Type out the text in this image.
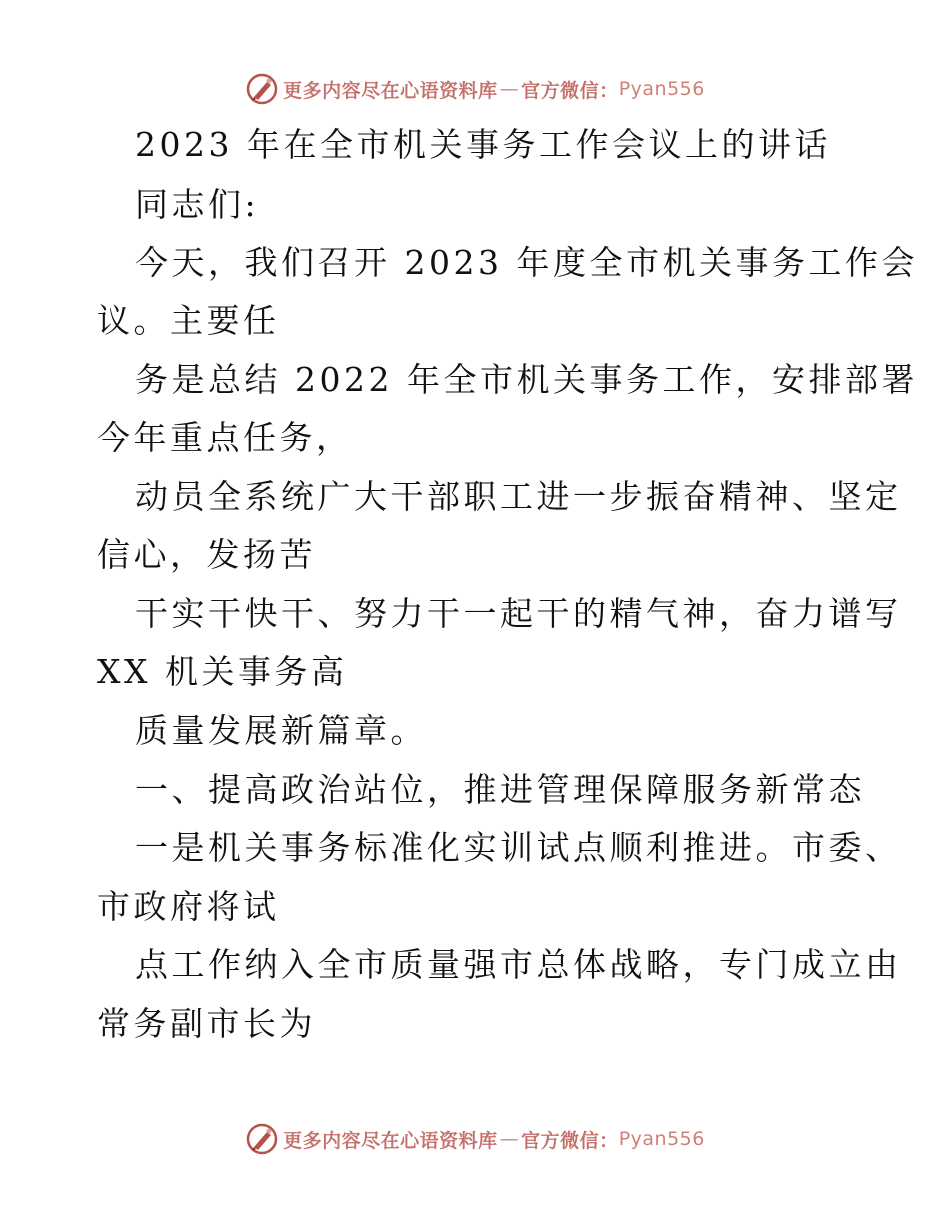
更多内容尽在心语资料库 — 官方微信： Pyan556
2023 年在全市机关事务工作会议上的讲话
同志们:
今天，我们召开 2023 年度全市机关事务工作会
议。主要任
务是总结 2022 年全市机关事务工作，安排部署
今年重点任务，
动员全系统广大干部职工进一步振奋精神、坚定
信心，发扬苦
干实干快干、努力干一起干的精气神，奋力谱写
XX 机关事务高
质量发展新篇章。
一、提高政治站位，推进管理保障服务新常态
一是机关事务标准化实训试点顺利推进。市委、
市政府将试
点工作纳入全市质量强市总体战略，专门成立由
常务副市长为
更多内容尽在心语资料库 — 官方微信： Pyan556
